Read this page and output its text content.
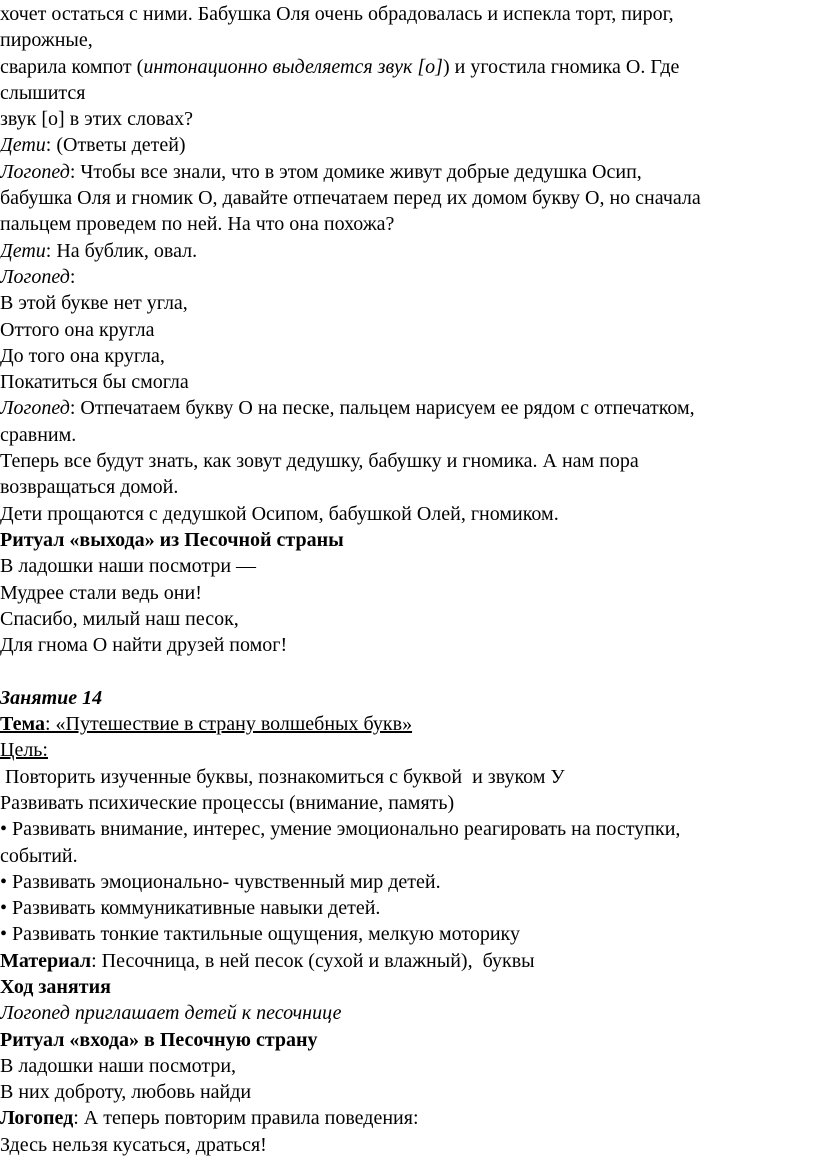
хочет остаться с ними. Бабушка Оля очень обрадовалась и испекла торт, пирог,

пирожные,

сварила компот (интонационно выделяется звук [о]) и угостила гномика О. Где

слышится

звук [о] в этих словах?

Дети: (Ответы детей)

Логопед: Чтобы все знали, что в этом домике живут добрые дедушка Осип,

бабушка Оля и гномик О, давайте отпечатаем перед их домом букву О, но сначала

пальцем проведем по ней. На что она похожа?

Дети: На бублик, овал.

Логопед:

В этой букве нет угла,

Оттого она кругла

До того она кругла,

Покатиться бы смогла

Логопед: Отпечатаем букву О на песке, пальцем нарисуем ее рядом с отпечатком,

сравним.

Теперь все будут знать, как зовут дедушку, бабушку и гномика. А нам пора

возвращаться домой.

Дети прощаются с дедушкой Осипом, бабушкой Олей, гномиком.

Ритуал «выхода» из Песочной страны

В ладошки наши посмотри —

Мудрее стали ведь они!

Спасибо, милый наш песок,

Для гнома О найти друзей помог!

Занятие 14

Тема: «Путешествие в страну волшебных букв»

Цель:

Повторить изученные буквы, познакомиться с буквой  и звуком У

Развивать психические процессы (внимание, память)

• Развивать внимание, интерес, умение эмоционально реагировать на поступки,

событий.

• Развивать эмоционально- чувственный мир детей.

• Развивать коммуникативные навыки детей.

• Развивать тонкие тактильные ощущения, мелкую моторику

Материал: Песочница, в ней песок (сухой и влажный),  буквы

Ход занятия

Логопед приглашает детей к песочнице

Ритуал «входа» в Песочную страну

В ладошки наши посмотри,

В них доброту, любовь найди

Логопед: А теперь повторим правила поведения:

Здесь нельзя кусаться, драться!
